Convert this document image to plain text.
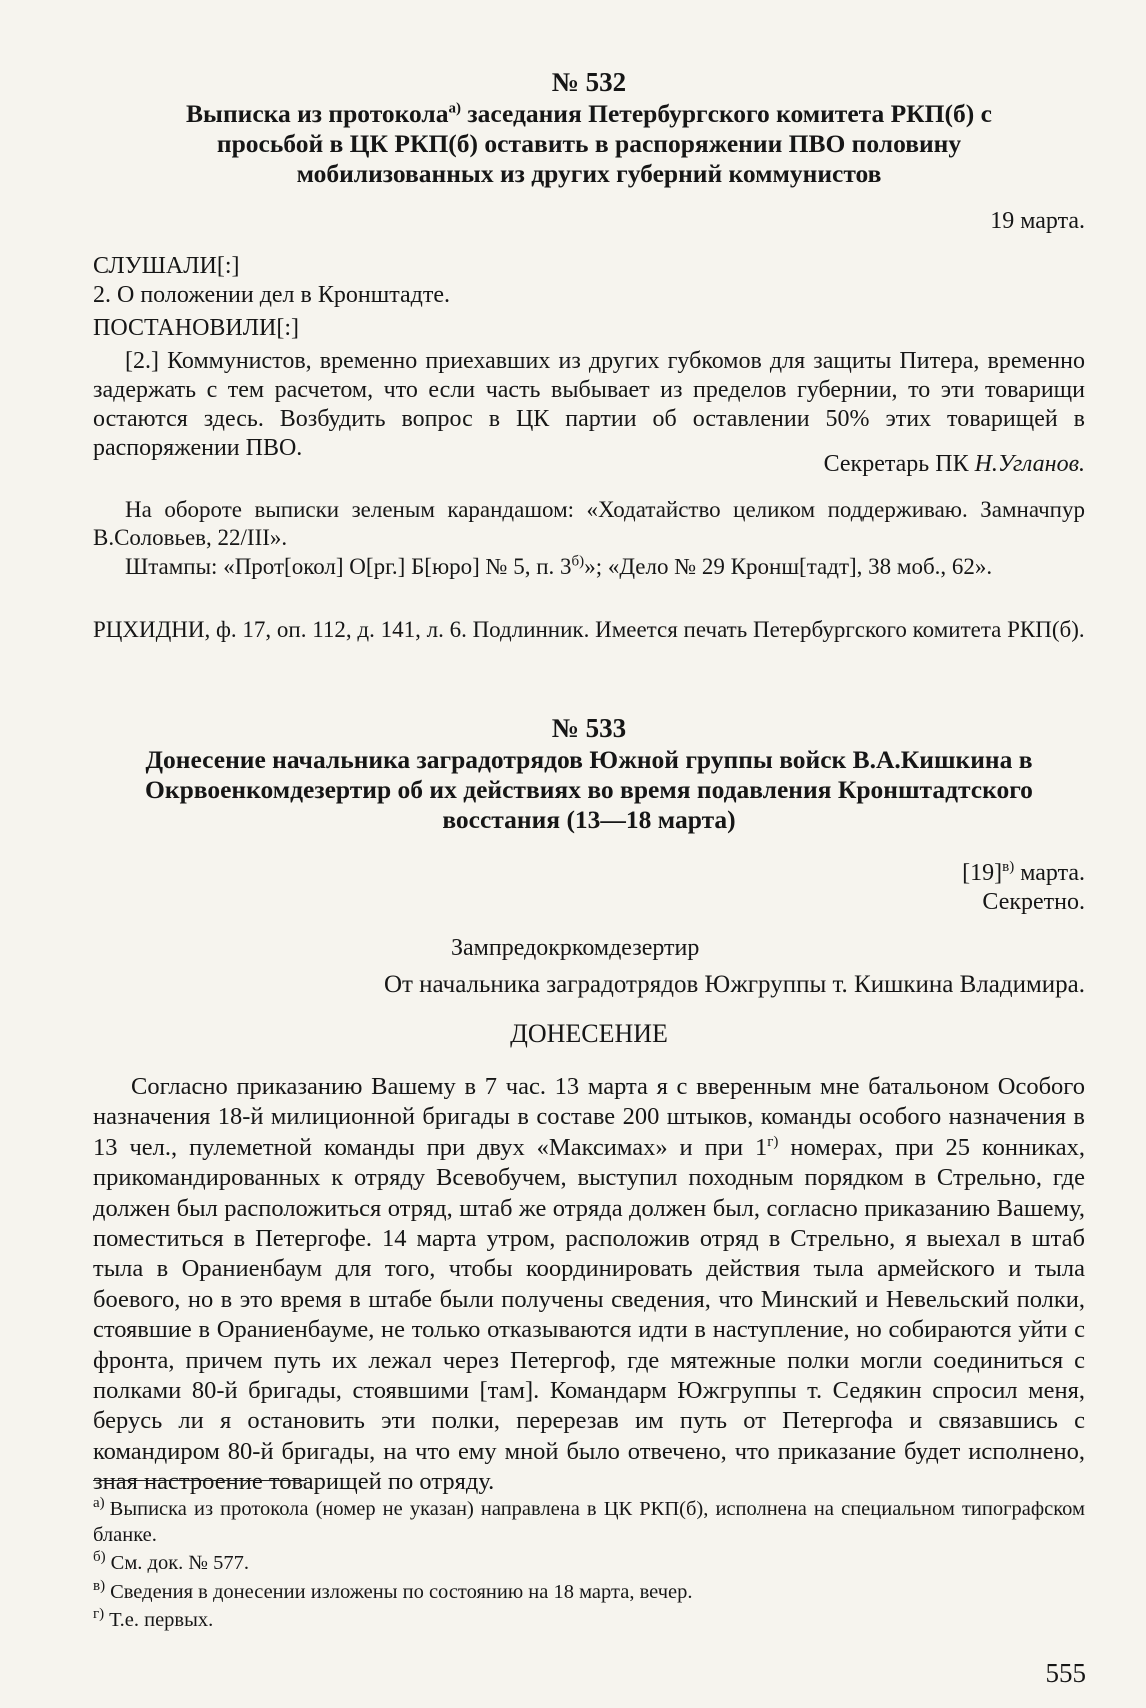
№ 532

Выписка из протокола$^{а)}$ заседания Петербургского комитета РКП(б) с просьбой в ЦК РКП(б) оставить в распоряжении ПВО половину мобилизованных из других губерний коммунистов

19 марта.
СЛУШАЛИ[:]
2. О положении дел в Кронштадте.
ПОСТАНОВИЛИ[:]

[2.] Коммунистов, временно приехавших из других губкомов для защиты Питера, временно задержать с тем расчетом, что если часть выбывает из пределов губернии, то эти товарищи остаются здесь. Возбудить вопрос в ЦК партии об оставлении 50% этих товарищей в распоряжении ПВО.

Секретарь ПК Н.Угланов.

На обороте выписки зеленым карандашом: «Ходатайство целиком поддерживаю. Замначпур В.Соловьев, 22/III».

Штампы: «Прот[окол] О[рг.] Б[юро] № 5, п. $3^{б)}$»; «Дело № 29 Кронш[тадт], 38 моб., 62».

РЦХИДНИ, ф. 17, оп. 112, д. 141, л. 6. Подлинник. Имеется печать Петербургского комитета РКП(б).

№ 533

Донесение начальника заградотрядов Южной группы войск В.А.Кишкина в Окрвоенкомдезертир об их действиях во время подавления Кронштадтского восстания (13—18 марта)

$[19]^{в)}$ марта.
Секретно.
Зампредокркомдезертир
От начальника заградотрядов Южгруппы т. Кишкина Владимира.
ДОНЕСЕНИЕ

Согласно приказанию Вашему в 7 час. 13 марта я с вверенным мне батальоном Особого назначения 18-й милиционной бригады в составе 200 штыков, команды особого назначения в 13 чел., пулеметной команды при двух «Максимах» и при $1^{г)}$ номерах, при 25 конниках, прикомандированных к отряду Всевобучем, выступил походным порядком в Стрельно, где должен был расположиться отряд, штаб же отряда должен был, согласно приказанию Вашему, поместиться в Петергофе. 14 марта утром, расположив отряд в Стрельно, я выехал в штаб тыла в Ораниенбаум для того, чтобы координировать действия тыла армейского и тыла боевого, но в это время в штабе были получены сведения, что Минский и Невельский полки, стоявшие в Ораниенбауме, не только отказываются идти в наступление, но собираются уйти с фронта, причем путь их лежал через Петергоф, где мятежные полки могли соединиться с полками 80-й бригады, стоявшими [там]. Командарм Южгруппы т. Седякин спросил меня, берусь ли я остановить эти полки, перерезав им путь от Петергофа и связавшись с командиром 80-й бригады, на что ему мной было отвечено, что приказание будет исполнено, зная настроение товарищей по отряду.

$^{а)}$ Выписка из протокола (номер не указан) направлена в ЦК РКП(б), исполнена на специальном типографском бланке.

$^{б)}$ См. док. № 577.

$^{в)}$ Сведения в донесении изложены по состоянию на 18 марта, вечер.

$^{г)}$ Т.е. первых.

555
